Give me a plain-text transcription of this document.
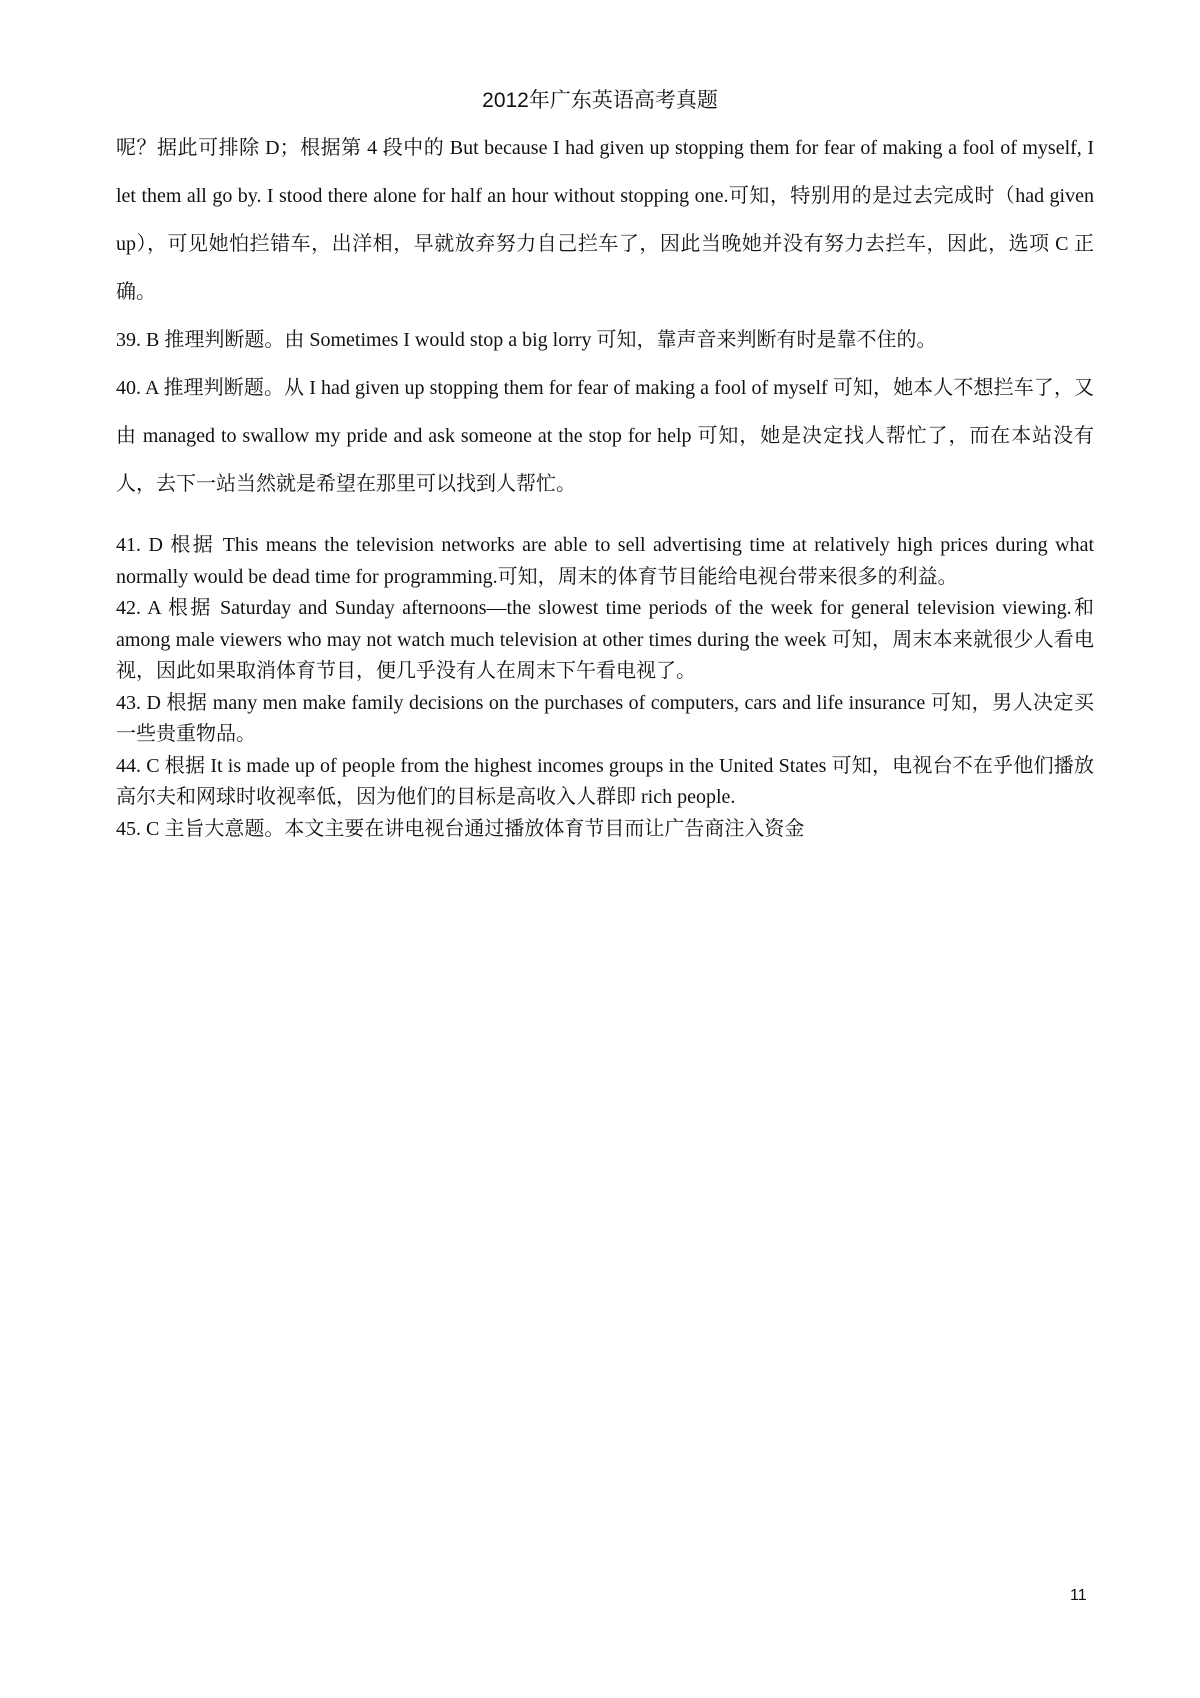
2012年广东英语高考真题

呢？据此可排除 D；根据第 4 段中的 But because I had given up stopping them for fear of making a fool of myself, I let them all go by. I stood there alone for half an hour without stopping one.可知，特别用的是过去完成时（had given up），可见她怕拦错车，出洋相，早就放弃努力自己拦车了，因此当晚她并没有努力去拦车，因此，选项 C 正确。

39. B 推理判断题。由 Sometimes I would stop a big lorry 可知，靠声音来判断有时是靠不住的。

40. A 推理判断题。从 I had given up stopping them for fear of making a fool of myself 可知，她本人不想拦车了，又由 managed to swallow my pride and ask someone at the stop for help 可知，她是决定找人帮忙了，而在本站没有人，去下一站当然就是希望在那里可以找到人帮忙。

41. D 根据 This means the television networks are able to sell advertising time at relatively high prices during what normally would be dead time for programming.可知，周末的体育节目能给电视台带来很多的利益。

42. A 根据 Saturday and Sunday afternoons—the slowest time periods of the week for general television viewing.和 among male viewers who may not watch much television at other times during the week 可知，周末本来就很少人看电视，因此如果取消体育节目，便几乎没有人在周末下午看电视了。

43. D 根据 many men make family decisions on the purchases of computers, cars and life insurance 可知，男人决定买一些贵重物品。

44. C 根据 It is made up of people from the highest incomes groups in the United States 可知，电视台不在乎他们播放高尔夫和网球时收视率低，因为他们的目标是高收入人群即 rich people.

45. C 主旨大意题。本文主要在讲电视台通过播放体育节目而让广告商注入资金

11
